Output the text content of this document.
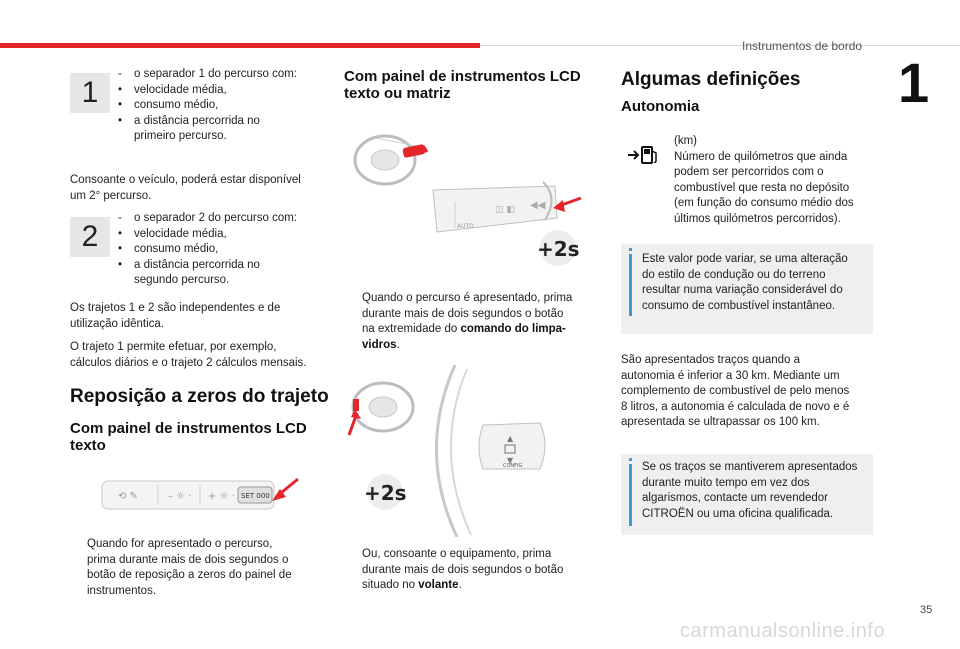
Instrumentos de bordo
1
1
-	o separador 1 do percurso com:
•	velocidade média,
•	consumo médio,
•	a distância percorrida no
primeiro percurso.
Consoante o veículo, poderá estar disponível
um 2° percurso.
2
-	o separador 2 do percurso com:
•	velocidade média,
•	consumo médio,
•	a distância percorrida no
segundo percurso.
Os trajetos 1 e 2 são independentes e de
utilização idêntica.
O trajeto 1 permite efetuar, por exemplo,
cálculos diários e o trajeto 2 cálculos mensais.
Reposição a zeros do trajeto
Com painel de instrumentos LCD
texto
⟲ ✎	– ☼ · + ☼ · SET 000
Quando for apresentado o percurso,
prima durante mais de dois segundos o
botão de reposição a zeros do painel de
instrumentos.
Com painel de instrumentos LCD
texto ou matriz
AUTO
◫ ◧ ◀◀
+2s
Quando o percurso é apresentado, prima
durante mais de dois segundos o botão
na extremidade do comando do limpa-
vidros.
▲
▼
CONFIG
+2s
Ou, consoante o equipamento, prima
durante mais de dois segundos o botão
situado no volante.
Algumas definições
Autonomia
(km)
Número de quilómetros que ainda
podem ser percorridos com o
combustível que resta no depósito
(em função do consumo médio dos
últimos quilómetros percorridos).
Este valor pode variar, se uma alteração
do estilo de condução ou do terreno
resultar numa variação considerável do
consumo de combustível instantâneo.
São apresentados traços quando a
autonomia é inferior a 30 km. Mediante um
complemento de combustível de pelo menos
8 litros, a autonomia é calculada de novo e é
apresentada se ultrapassar os 100 km.
Se os traços se mantiverem apresentados
durante muito tempo em vez dos
algarismos, contacte um revendedor
CITROËN ou uma oficina qualificada.
35
carmanualsonline.info
